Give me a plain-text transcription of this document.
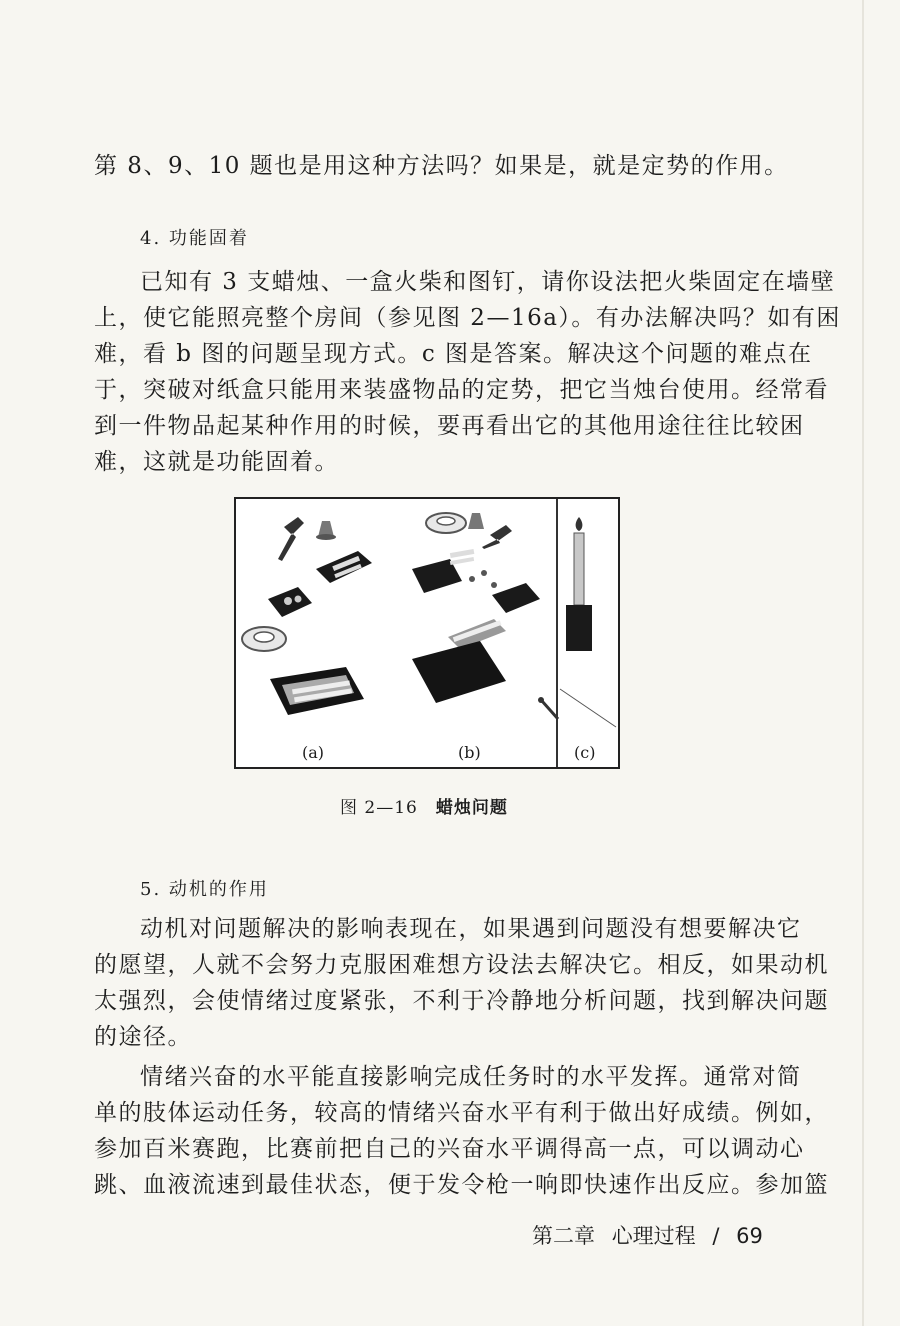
第 8、9、10 题也是用这种方法吗？如果是，就是定势的作用。
4. 功能固着
已知有 3 支蜡烛、一盒火柴和图钉，请你设法把火柴固定在墙壁
上，使它能照亮整个房间（参见图 2—16a）。有办法解决吗？如有困
难，看 b 图的问题呈现方式。c 图是答案。解决这个问题的难点在
于，突破对纸盒只能用来装盛物品的定势，把它当烛台使用。经常看
到一件物品起某种作用的时候，要再看出它的其他用途往往比较困
难，这就是功能固着。
(a)	(b)	(c)
图 2—16 蜡烛问题
5. 动机的作用
动机对问题解决的影响表现在，如果遇到问题没有想要解决它
的愿望，人就不会努力克服困难想方设法去解决它。相反，如果动机
太强烈，会使情绪过度紧张，不利于冷静地分析问题，找到解决问题
的途径。
情绪兴奋的水平能直接影响完成任务时的水平发挥。通常对简
单的肢体运动任务，较高的情绪兴奋水平有利于做出好成绩。例如，
参加百米赛跑，比赛前把自己的兴奋水平调得高一点，可以调动心
跳、血液流速到最佳状态，便于发令枪一响即快速作出反应。参加篮
第二章 心理过程 / 69
